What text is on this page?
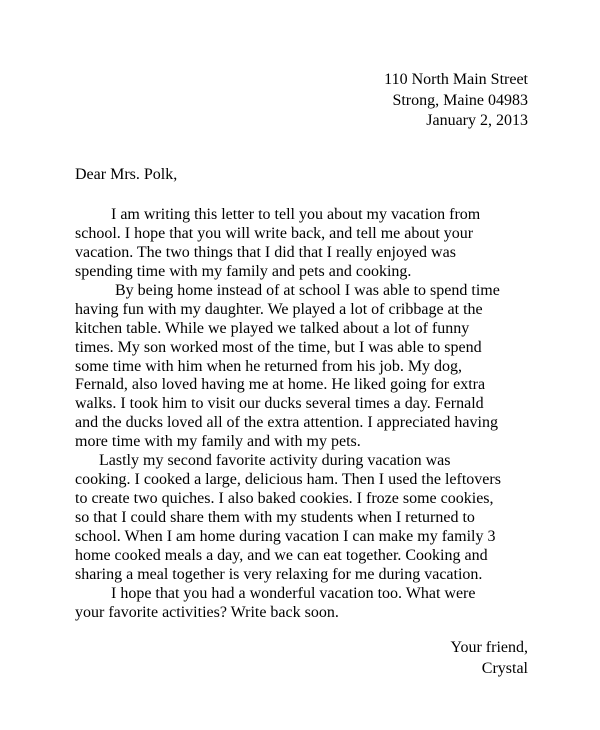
110 North Main Street
Strong, Maine 04983
January 2, 2013
Dear Mrs. Polk,
I am writing this letter to tell you about my vacation from
school. I hope that you will write back, and tell me about your
vacation. The two things that I did that I really enjoyed was
spending time with my family and pets and cooking.
By being home instead of at school I was able to spend time
having fun with my daughter. We played a lot of cribbage at the
kitchen table. While we played we talked about a lot of funny
times. My son worked most of the time, but I was able to spend
some time with him when he returned from his job. My dog,
Fernald, also loved having me at home. He liked going for extra
walks. I took him to visit our ducks several times a day. Fernald
and the ducks loved all of the extra attention. I appreciated having
more time with my family and with my pets.
Lastly my second favorite activity during vacation was
cooking. I cooked a large, delicious ham. Then I used the leftovers
to create two quiches. I also baked cookies. I froze some cookies,
so that I could share them with my students when I returned to
school. When I am home during vacation I can make my family 3
home cooked meals a day, and we can eat together. Cooking and
sharing a meal together is very relaxing for me during vacation.
I hope that you had a wonderful vacation too. What were
your favorite activities? Write back soon.
Your friend,
Crystal
